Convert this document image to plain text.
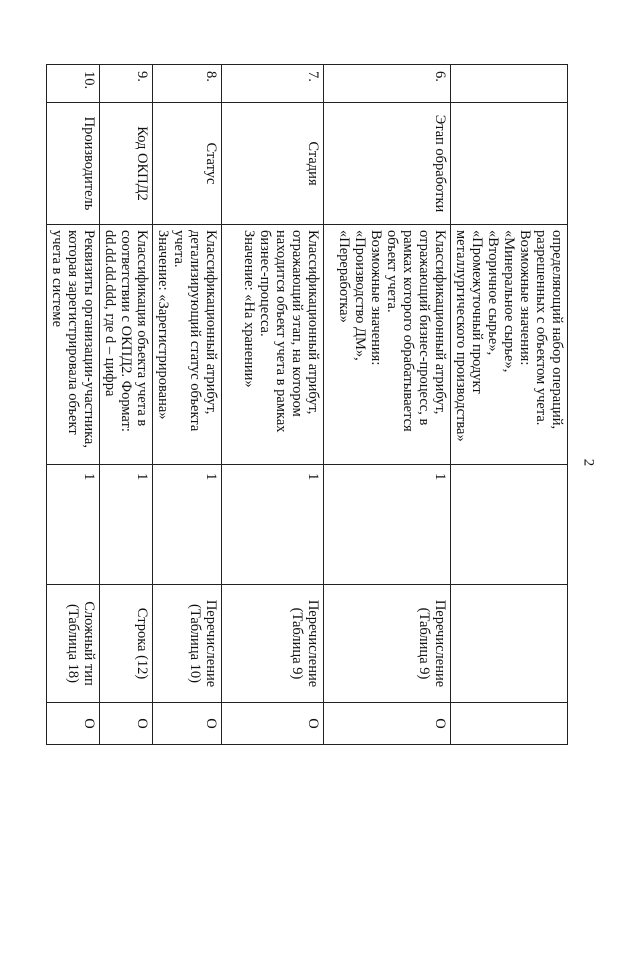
2
		определяющий набор операций, разрешенных с объектом учета.
Возможные значения:
«Минеральное сырье»,
«Вторичное сырье»,
«Промежуточный продукт металлургического производства»			
6.	Этап обработки	Классификационный атрибут, отражающий бизнес-процесс, в рамках которого обрабатывается объект учета.
Возможные значения:
«Производство ДМ»,
«Переработка»	1	Перечисление (Таблица 9)	О
7.	Стадия	Классификационный атрибут, отражающий этап, на котором находится объект учета в рамках бизнес-процесса.
Значение: «На хранении»	1	Перечисление (Таблица 9)	О
8.	Статус	Классификационный атрибут, детализирующий статус объекта учета.
Значение: «Зарегистрирована»	1	Перечисление (Таблица 10)	О
9.	Код ОКПД2	Классификация объекта учета в соответствии с ОКПД2. Формат: dd.dd.dd.ddd, где d – цифра	1	Строка (12)	О
10.	Производитель	Реквизиты организации-участника, которая зарегистрировала объект учета в системе	1	Сложный тип (Таблица 18)	О
